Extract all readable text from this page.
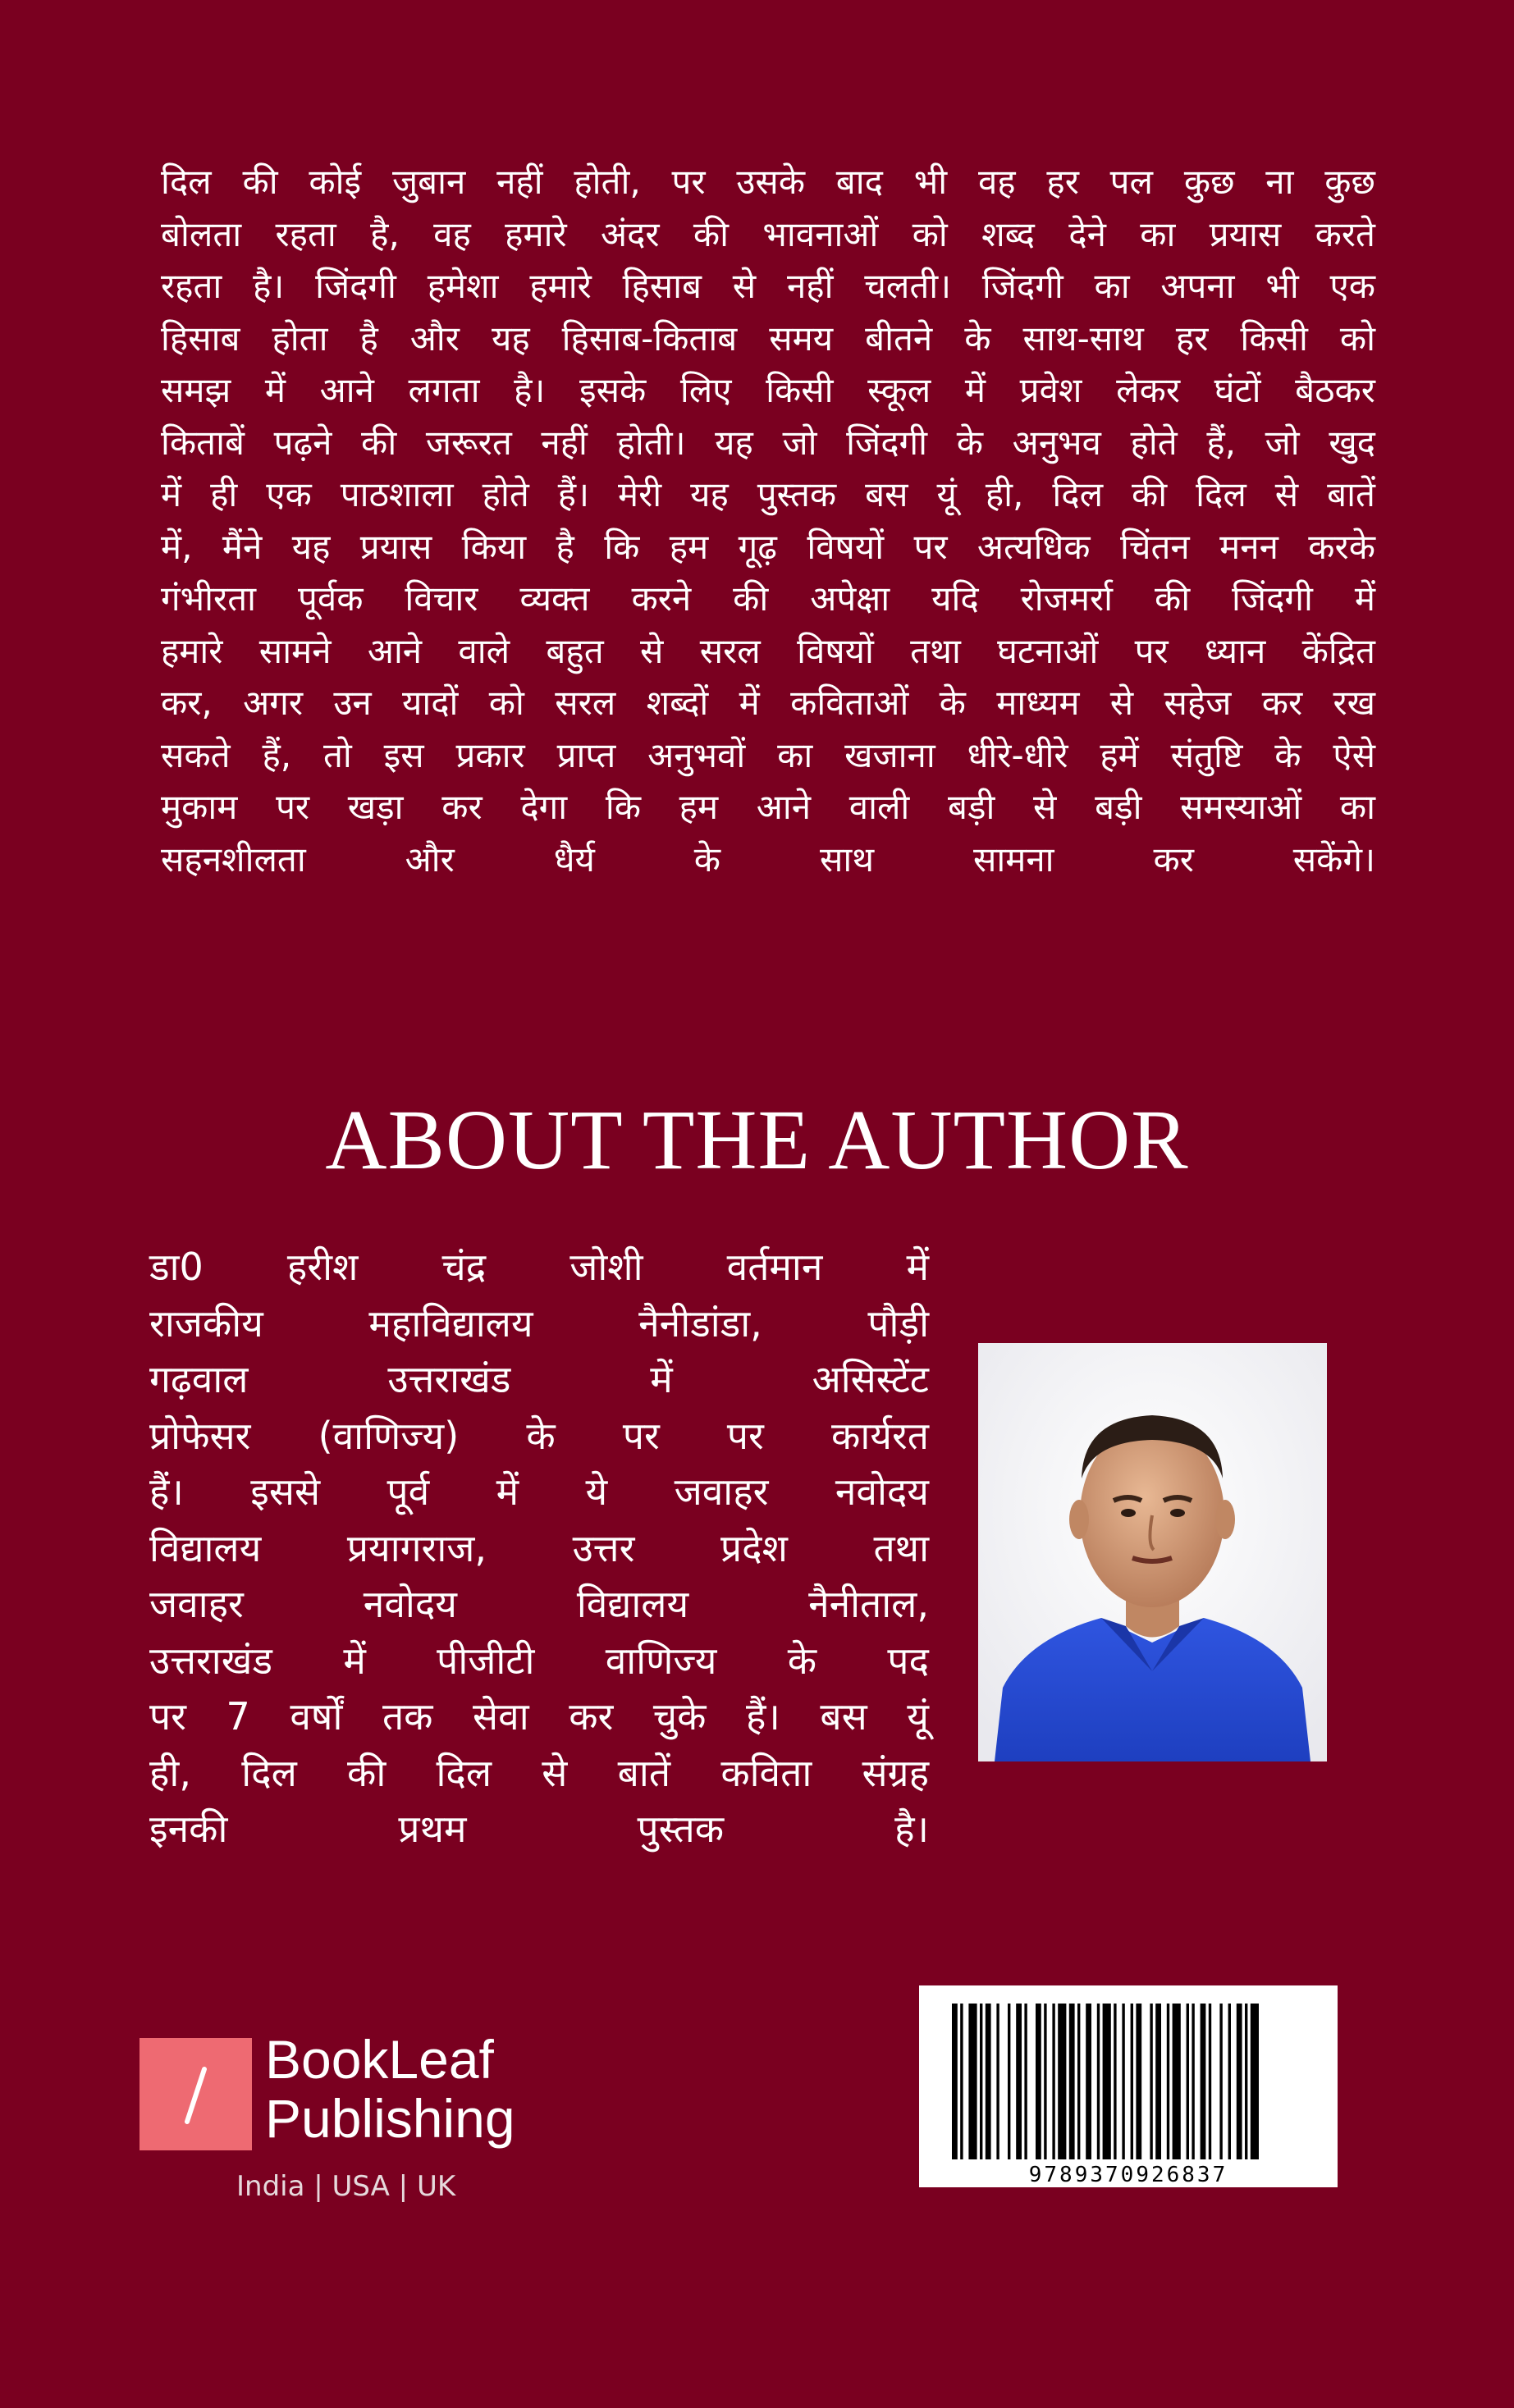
दिल की कोई जुबान नहीं होती, पर उसके बाद भी वह हर पल कुछ ना कुछ
बोलता रहता है, वह हमारे अंदर की भावनाओं को शब्द देने का प्रयास करते
रहता है। जिंदगी हमेशा हमारे हिसाब से नहीं चलती। जिंदगी का अपना भी एक
हिसाब होता है और यह हिसाब-किताब समय बीतने के साथ-साथ हर किसी को
समझ में आने लगता है। इसके लिए किसी स्कूल में प्रवेश लेकर घंटों बैठकर
किताबें पढ़ने की जरूरत नहीं होती। यह जो जिंदगी के अनुभव होते हैं, जो खुद
में ही एक पाठशाला होते हैं। मेरी यह पुस्तक बस यूं ही, दिल की दिल से बातें
में, मैंने यह प्रयास किया है कि हम गूढ़ विषयों पर अत्यधिक चिंतन मनन करके
गंभीरता पूर्वक विचार व्यक्त करने की अपेक्षा यदि रोजमर्रा की जिंदगी में
हमारे सामने आने वाले बहुत से सरल विषयों तथा घटनाओं पर ध्यान केंद्रित
कर, अगर उन यादों को सरल शब्दों में कविताओं के माध्यम से सहेज कर रख
सकते हैं, तो इस प्रकार प्राप्त अनुभवों का खजाना धीरे-धीरे हमें संतुष्टि के ऐसे
मुकाम पर खड़ा कर देगा कि हम आने वाली बड़ी से बड़ी समस्याओं का
सहनशीलता और धैर्य के साथ सामना कर सकेंगे।
ABOUT THE AUTHOR
डा0 हरीश चंद्र जोशी वर्तमान में
राजकीय महाविद्यालय नैनीडांडा, पौड़ी
गढ़वाल उत्तराखंड में असिस्टेंट
प्रोफेसर (वाणिज्य) के पर पर कार्यरत
हैं। इससे पूर्व में ये जवाहर नवोदय
विद्यालय प्रयागराज, उत्तर प्रदेश तथा
जवाहर नवोदय विद्यालय नैनीताल,
उत्तराखंड में पीजीटी वाणिज्य के पद
पर 7 वर्षों तक सेवा कर चुके हैं। बस यूं
ही, दिल की दिल से बातें कविता संग्रह
इनकी प्रथम पुस्तक है।
BookLeaf
Publishing
India | USA | UK	9789370926837
